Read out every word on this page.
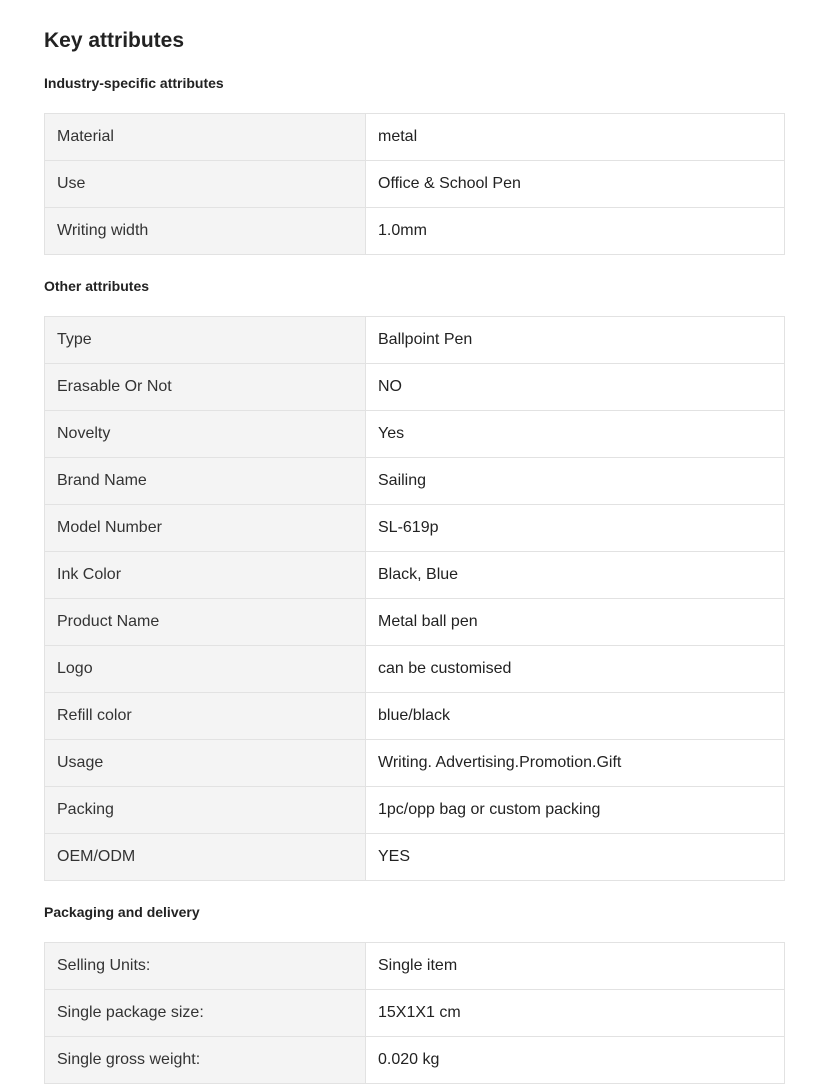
Key attributes
Industry-specific attributes
Material	metal
Use	Office & School Pen
Writing width	1.0mm
Other attributes
Type	Ballpoint Pen
Erasable Or Not	NO
Novelty	Yes
Brand Name	Sailing
Model Number	SL-619p
Ink Color	Black, Blue
Product Name	Metal ball pen
Logo	can be customised
Refill color	blue/black
Usage	Writing. Advertising.Promotion.Gift
Packing	1pc/opp bag or custom packing
OEM/ODM	YES
Packaging and delivery
Selling Units:	Single item
Single package size:	15X1X1 cm
Single gross weight:	0.020 kg
